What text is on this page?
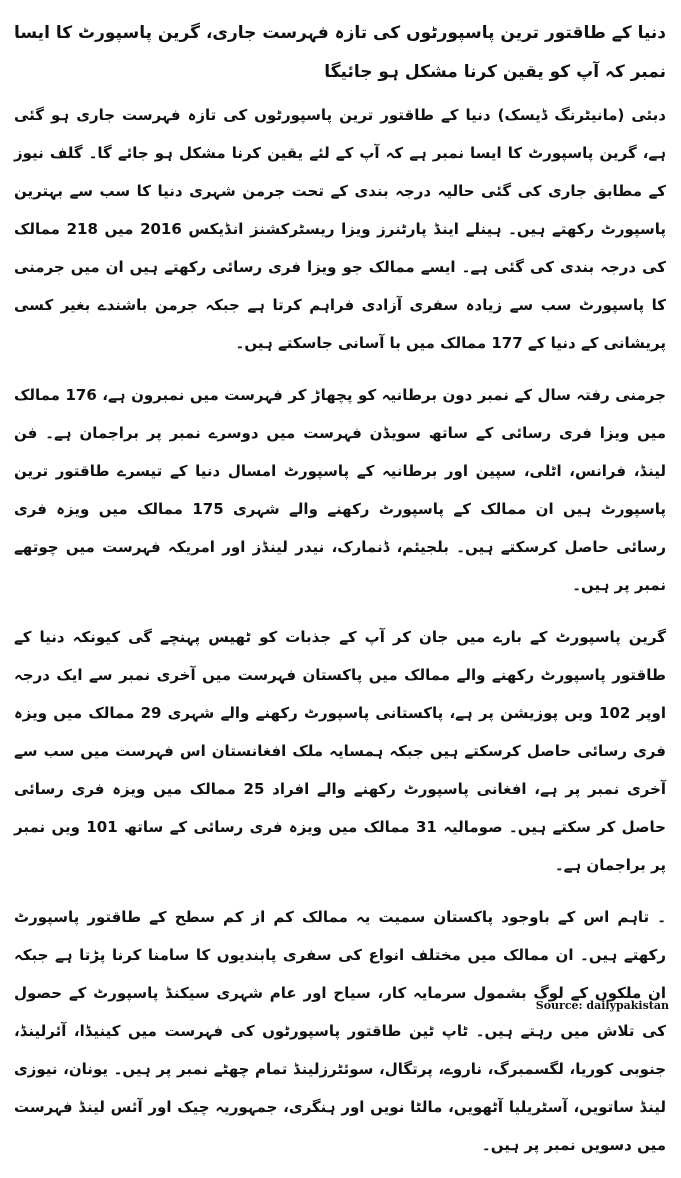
دنیا کے طاقتور ترین پاسپورٹوں کی تازہ فہرست جاری، گرین پاسپورٹ کا ایسا نمبر کہ آپ کو یقین کرنا مشکل ہو جائیگا
دبئی (مانیٹرنگ ڈیسک) دنیا کے طاقتور ترین پاسپورٹوں کی تازہ فہرست جاری ہو گئی ہے، گرین پاسپورٹ کا ایسا نمبر ہے کہ آپ کے لئے یقین کرنا مشکل ہو جائے گا۔ گلف نیوز کے مطابق جاری کی گئی حالیہ درجہ بندی کے تحت جرمن شہری دنیا کا سب سے بہترین پاسپورٹ رکھتے ہیں۔ ہینلے اینڈ پارٹنرز ویزا ریسٹرکشنز انڈیکس 2016 میں 218 ممالک کی درجہ بندی کی گئی ہے۔ ایسے ممالک جو ویزا فری رسائی رکھتے ہیں ان میں جرمنی کا پاسپورٹ سب سے زیادہ سفری آزادی فراہم کرتا ہے جبکہ جرمن باشندے بغیر کسی پریشانی کے دنیا کے 177 ممالک میں با آسانی جاسکتے ہیں۔
جرمنی رفتہ سال کے نمبر دون برطانیہ کو پچھاڑ کر فہرست میں نمبرون ہے، 176 ممالک میں ویزا فری رسائی کے ساتھ سویڈن فہرست میں دوسرے نمبر پر براجمان ہے۔ فن لینڈ، فرانس، اٹلی، سپین اور برطانیہ کے پاسپورٹ امسال دنیا کے تیسرے طاقتور ترین پاسپورٹ ہیں ان ممالک کے پاسپورٹ رکھنے والے شہری 175 ممالک میں ویزہ فری رسائی حاصل کرسکتے ہیں۔ بلجیئم، ڈنمارک، نیدر لینڈز اور امریکہ فہرست میں چوتھے نمبر پر ہیں۔
گرین پاسپورٹ کے بارے میں جان کر آپ کے جذبات کو ٹھیس پہنچے گی کیونکہ دنیا کے طاقتور پاسپورٹ رکھنے والے ممالک میں پاکستان فہرست میں آخری نمبر سے ایک درجہ اوپر 102 ویں پوزیشن پر ہے، پاکستانی پاسپورٹ رکھنے والے شہری 29 ممالک میں ویزہ فری رسائی حاصل کرسکتے ہیں جبکہ ہمسایہ ملک افغانستان اس فہرست میں سب سے آخری نمبر پر ہے، افغانی پاسپورٹ رکھنے والے افراد 25 ممالک میں ویزہ فری رسائی حاصل کر سکتے ہیں۔ صومالیہ 31 ممالک میں ویزہ فری رسائی کے ساتھ 101 ویں نمبر پر براجمان ہے۔
۔ تاہم اس کے باوجود پاکستان سمیت یہ ممالک کم از کم سطح کے طاقتور پاسپورٹ رکھتے ہیں۔ ان ممالک میں مختلف انواع کی سفری پابندیوں کا سامنا کرنا پڑتا ہے جبکہ ان ملکوں کے لوگ بشمول سرمایہ کار، سیاح اور عام شہری سیکنڈ پاسپورٹ کے حصول کی تلاش میں رہتے ہیں۔ ٹاپ ٹین طاقتور پاسپورٹوں کی فہرست میں کینیڈا، آئرلینڈ، جنوبی کوریا، لگسمبرگ، ناروے، پرتگال، سوئٹرزلینڈ تمام چھٹے نمبر پر ہیں۔ یونان، نیوزی لینڈ ساتویں، آسٹریلیا آٹھویں، مالٹا نویں اور ہنگری، جمہوریہ چیک اور آئس لینڈ فہرست میں دسویں نمبر پر ہیں۔
Source: dailypakistan
